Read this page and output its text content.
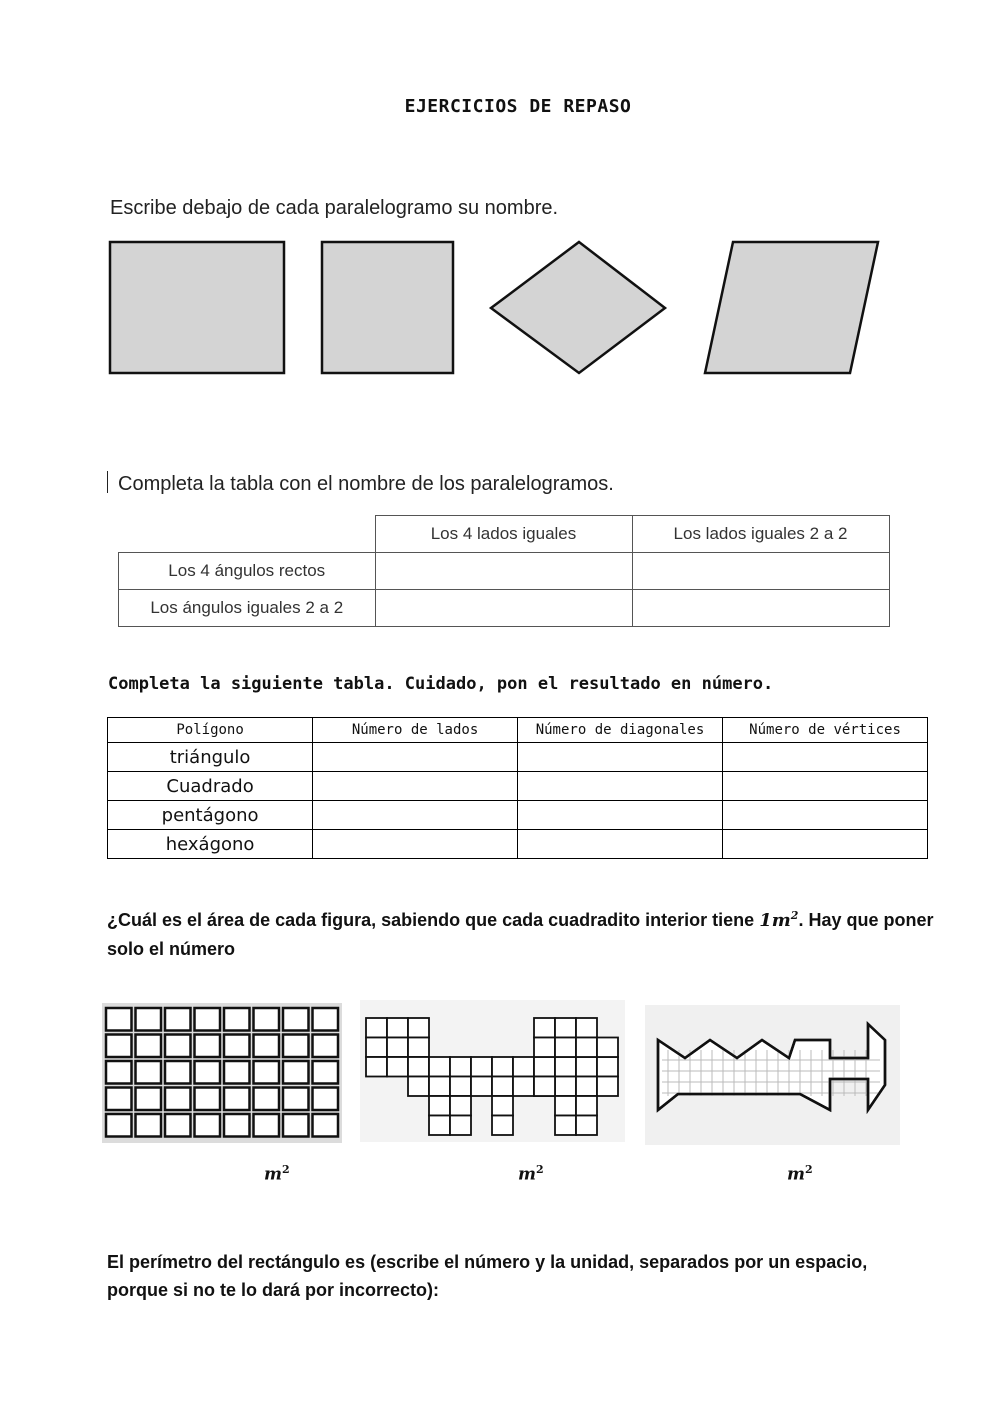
EJERCICIOS DE REPASO
Escribe debajo de cada paralelogramo su nombre.
Completa la tabla con el nombre de los paralelogramos.
	Los 4 lados iguales	Los lados iguales 2 a 2
Los 4 ángulos rectos		
Los ángulos iguales 2 a 2		
Completa la siguiente tabla. Cuidado, pon el resultado en número.
Polígono	Número de lados	Número de diagonales	Número de vértices
triángulo			
Cuadrado			
pentágono			
hexágono			
¿Cuál es el área de cada figura, sabiendo que cada cuadradito interior tiene $1m^2$. Hay que poner solo el número
$m^2$	$m^2$	$m^2$
El perímetro del rectángulo es (escribe el número y la unidad, separados por un espacio, porque si no te lo dará por incorrecto):
